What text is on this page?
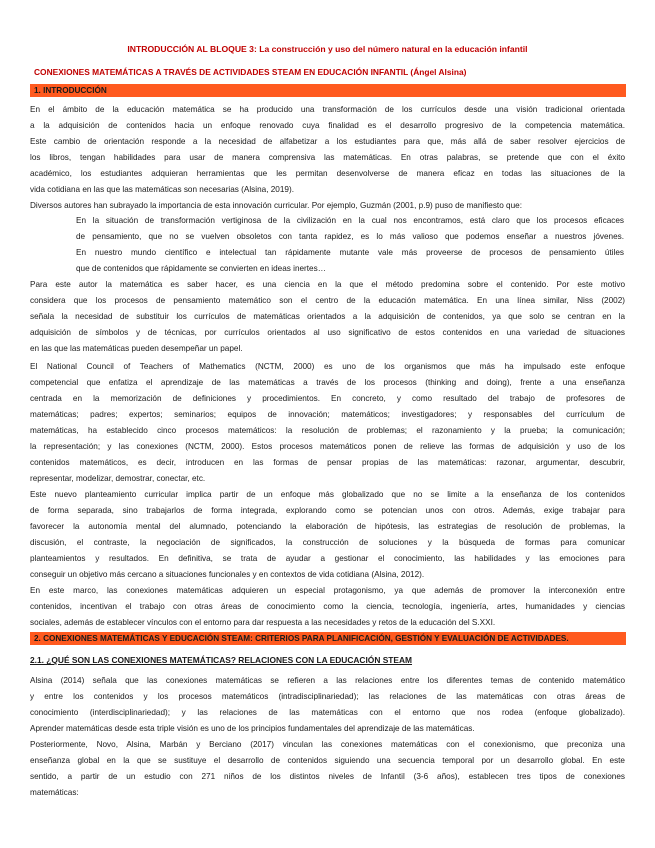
INTRODUCCIÓN AL BLOQUE 3: La construcción y uso del número natural en la educación infantil
CONEXIONES MATEMÁTICAS A TRAVÉS DE ACTIVIDADES STEAM EN EDUCACIÓN INFANTIL (Ángel Alsina)
1. INTRODUCCIÓN
En el ámbito de la educación matemática se ha producido una transformación de los currículos desde una visión tradicional orientada
a la adquisición de contenidos hacia un enfoque renovado cuya finalidad es el desarrollo progresivo de la competencia matemática.
Este cambio de orientación responde a la necesidad de alfabetizar a los estudiantes para que, más allá de saber resolver ejercicios de
los libros, tengan habilidades para usar de manera comprensiva las matemáticas. En otras palabras, se pretende que con el éxito
académico, los estudiantes adquieran herramientas que les permitan desenvolverse de manera eficaz en todas las situaciones de la
vida cotidiana en las que las matemáticas son necesarias (Alsina, 2019).
Diversos autores han subrayado la importancia de esta innovación curricular. Por ejemplo, Guzmán (2001, p.9) puso de manifiesto que:
En la situación de transformación vertiginosa de la civilización en la cual nos encontramos, está claro que los procesos eficaces
de pensamiento, que no se vuelven obsoletos con tanta rapidez, es lo más valioso que podemos enseñar a nuestros jóvenes.
En nuestro mundo científico e intelectual tan rápidamente mutante vale más proveerse de procesos de pensamiento útiles
que de contenidos que rápidamente se convierten en ideas inertes…
Para este autor la matemática es saber hacer, es una ciencia en la que el método predomina sobre el contenido. Por este motivo
considera que los procesos de pensamiento matemático son el centro de la educación matemática. En una línea similar, Niss (2002)
señala la necesidad de substituir los currículos de matemáticas orientados a la adquisición de contenidos, ya que solo se centran en la
adquisición de símbolos y de técnicas, por currículos orientados al uso significativo de estos contenidos en una variedad de situaciones
en las que las matemáticas pueden desempeñar un papel.
El National Council of Teachers of Mathematics (NCTM, 2000) es uno de los organismos que más ha impulsado este enfoque
competencial que enfatiza el aprendizaje de las matemáticas a través de los procesos (thinking and doing), frente a una enseñanza
centrada en la memorización de definiciones y procedimientos. En concreto, y como resultado del trabajo de profesores de
matemáticas; padres; expertos; seminarios; equipos de innovación; matemáticos; investigadores; y responsables del currículum de
matemáticas, ha establecido cinco procesos matemáticos: la resolución de problemas; el razonamiento y la prueba; la comunicación;
la representación; y las conexiones (NCTM, 2000). Estos procesos matemáticos ponen de relieve las formas de adquisición y uso de los
contenidos matemáticos, es decir, introducen en las formas de pensar propias de las matemáticas: razonar, argumentar, descubrir,
representar, modelizar, demostrar, conectar, etc.
Este nuevo planteamiento curricular implica partir de un enfoque más globalizado que no se limite a la enseñanza de los contenidos
de forma separada, sino trabajarlos de forma integrada, explorando como se potencian unos con otros. Además, exige trabajar para
favorecer la autonomía mental del alumnado, potenciando la elaboración de hipótesis, las estrategias de resolución de problemas, la
discusión, el contraste, la negociación de significados, la construcción de soluciones y la búsqueda de formas para comunicar
planteamientos y resultados. En definitiva, se trata de ayudar a gestionar el conocimiento, las habilidades y las emociones para
conseguir un objetivo más cercano a situaciones funcionales y en contextos de vida cotidiana (Alsina, 2012).
En este marco, las conexiones matemáticas adquieren un especial protagonismo, ya que además de promover la interconexión entre
contenidos, incentivan el trabajo con otras áreas de conocimiento como la ciencia, tecnología, ingeniería, artes, humanidades y ciencias
sociales, además de establecer vínculos con el entorno para dar respuesta a las necesidades y retos de la educación del S.XXI.
Alsina (2014) señala que las conexiones matemáticas se refieren a las relaciones entre los diferentes temas de contenido matemático
y entre los contenidos y los procesos matemáticos (intradisciplinariedad); las relaciones de las matemáticas con otras áreas de
conocimiento (interdisciplinariedad); y las relaciones de las matemáticas con el entorno que nos rodea (enfoque globalizado).
Aprender matemáticas desde esta triple visión es uno de los principios fundamentales del aprendizaje de las matemáticas.
Posteriormente, Novo, Alsina, Marbán y Berciano (2017) vinculan las conexiones matemáticas con el conexionismo, que preconiza una
enseñanza global en la que se sustituye el desarrollo de contenidos siguiendo una secuencia temporal por un desarrollo global. En este
sentido, a partir de un estudio con 271 niños de los distintos niveles de Infantil (3-6 años), establecen tres tipos de conexiones
matemáticas:
2. CONEXIONES MATEMÁTICAS Y EDUCACIÓN STEAM: CRITERIOS PARA PLANIFICACIÓN, GESTIÓN Y EVALUACIÓN DE ACTIVIDADES.
2.1. ¿QUÉ SON LAS CONEXIONES MATEMÁTICAS? RELACIONES CON LA EDUCACIÓN STEAM
